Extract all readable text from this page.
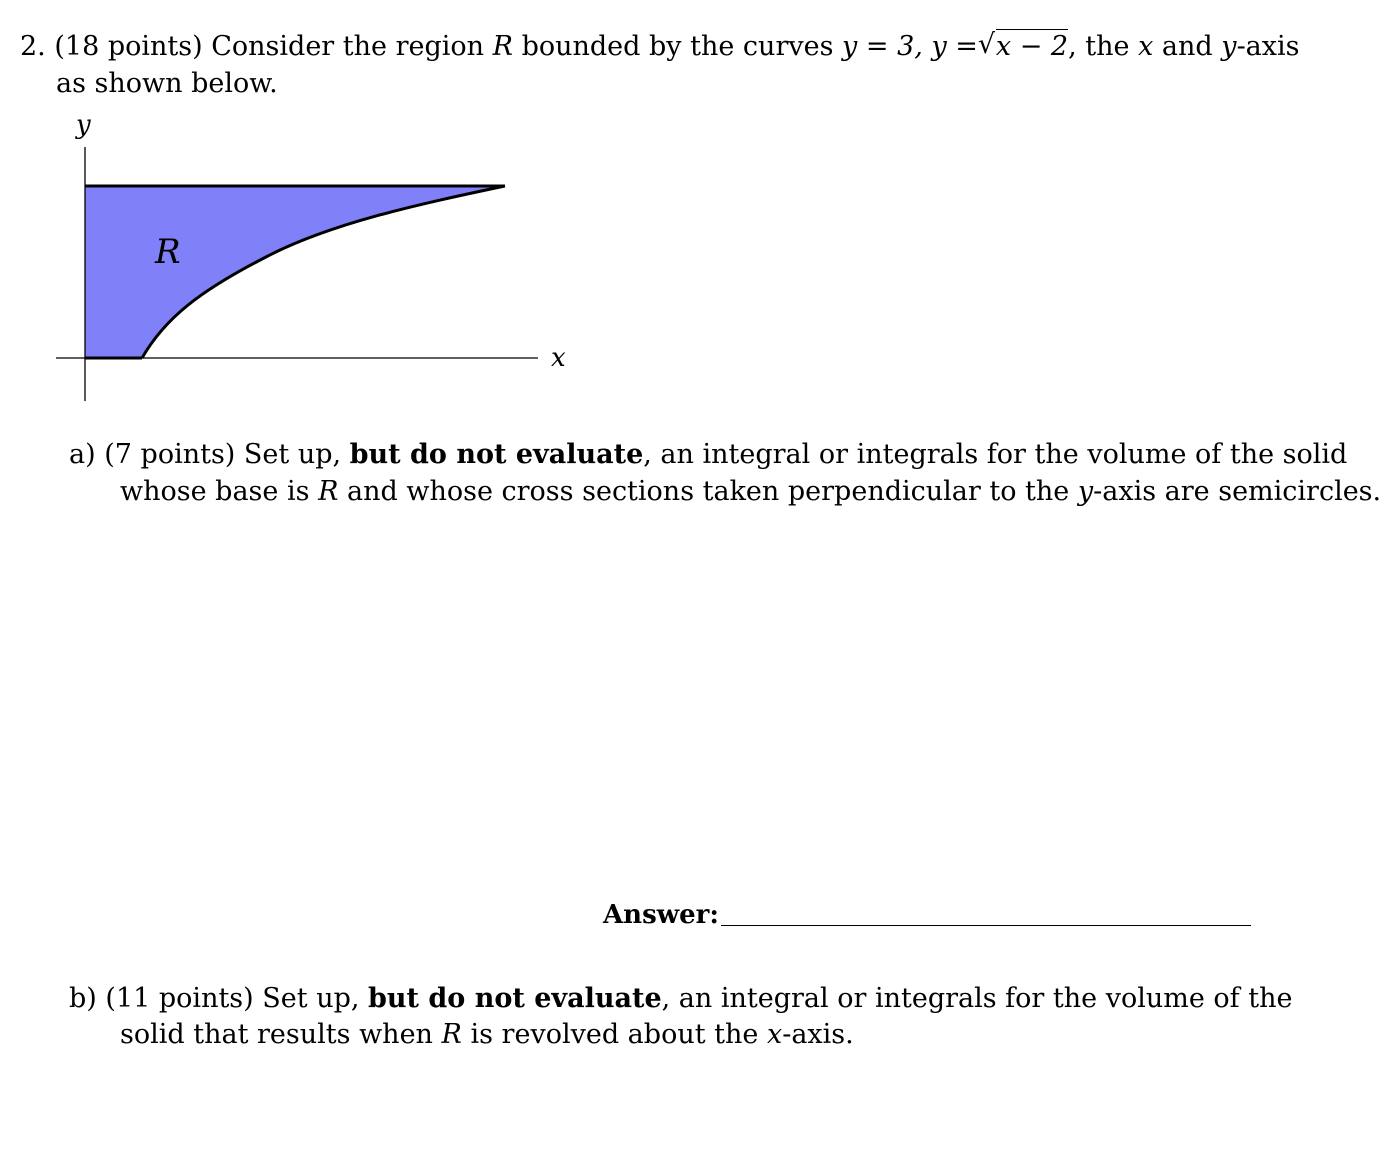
2. (18 points) Consider the region R bounded by the curves y = 3, y = √ x − 2, the x and y-axis
as shown below.
y
R
x
a) (7 points) Set up, but do not evaluate, an integral or integrals for the volume of the solid
whose base is R and whose cross sections taken perpendicular to the y-axis are semicircles.
Answer:
b) (11 points) Set up, but do not evaluate, an integral or integrals for the volume of the
solid that results when R is revolved about the x-axis.
